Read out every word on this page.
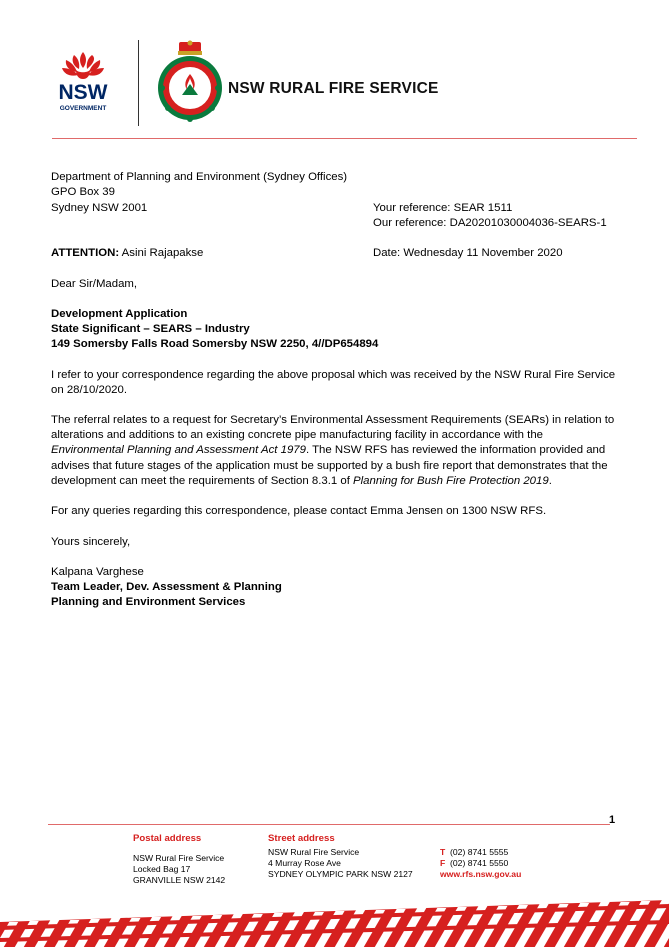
NSW
GOVERNMENT
NSW RURAL FIRE SERVICE
Department of Planning and Environment (Sydney Offices)
GPO Box 39
Sydney NSW 2001	Your reference: SEAR 1511
Our reference: DA20201030004036-SEARS-1
ATTENTION: Asini Rajapakse	Date: Wednesday 11 November 2020
Dear Sir/Madam,
Development Application
State Significant – SEARS – Industry
149 Somersby Falls Road Somersby NSW 2250, 4//DP654894
I refer to your correspondence regarding the above proposal which was received by the NSW Rural Fire Service
on 28/10/2020.
The referral relates to a request for Secretary’s Environmental Assessment Requirements (SEARs) in relation to
alterations and additions to an existing concrete pipe manufacturing facility in accordance with the
Environmental Planning and Assessment Act 1979. The NSW RFS has reviewed the information provided and
advises that future stages of the application must be supported by a bush fire report that demonstrates that the
development can meet the requirements of Section 8.3.1 of Planning for Bush Fire Protection 2019.
For any queries regarding this correspondence, please contact Emma Jensen on 1300 NSW RFS.
Yours sincerely,
Kalpana Varghese
Team Leader, Dev. Assessment & Planning
Planning and Environment Services
1
Postal address
NSW Rural Fire Service
Locked Bag 17
GRANVILLE NSW 2142
Street address
NSW Rural Fire Service
4 Murray Rose Ave
SYDNEY OLYMPIC PARK NSW 2127
T (02) 8741 5555
F (02) 8741 5550
www.rfs.nsw.gov.au
